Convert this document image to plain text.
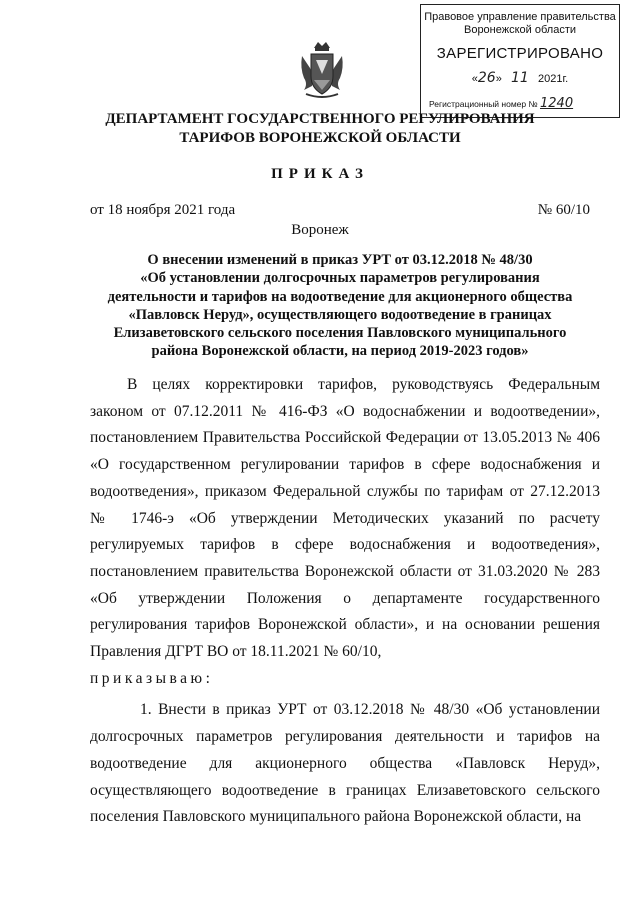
Правовое управление правительства
Воронежской области
ЗАРЕГИСТРИРОВАНО
«26»   11 2021г.
Регистрационный номер № 1240
ДЕПАРТАМЕНТ ГОСУДАРСТВЕННОГО РЕГУЛИРОВАНИЯ
ТАРИФОВ ВОРОНЕЖСКОЙ ОБЛАСТИ
ПРИКАЗ
от 18 ноября 2021 года	№ 60/10
Воронеж
О внесении изменений в приказ УРТ от 03.12.2018 № 48/30
«Об установлении долгосрочных параметров регулирования
деятельности и тарифов на водоотведение для акционерного общества
«Павловск Неруд», осуществляющего водоотведение в границах
Елизаветовского сельского поселения Павловского муниципального
района Воронежской области, на период 2019-2023 годов»

В целях корректировки тарифов, руководствуясь Федеральным законом от 07.12.2011 № 416-ФЗ «О водоснабжении и водоотведении», постановлением Правительства Российской Федерации от 13.05.2013 № 406 «О государственном регулировании тарифов в сфере водоснабжения и водоотведения», приказом Федеральной службы по тарифам от 27.12.2013 № 1746-э «Об утверждении Методических указаний по расчету регулируемых тарифов в сфере водоснабжения и водоотведения», постановлением правительства Воронежской области от 31.03.2020 № 283 «Об утверждении Положения о департаменте государственного регулирования тарифов Воронежской области», и на основании решения Правления ДГРТ ВО от 18.11.2021 № 60/10,

приказываю:

1. Внести в приказ УРТ от 03.12.2018 № 48/30 «Об установлении долгосрочных параметров регулирования деятельности и тарифов на водоотведение для акционерного общества «Павловск Неруд», осуществляющего водоотведение в границах Елизаветовского сельского поселения Павловского муниципального района Воронежской области, на
